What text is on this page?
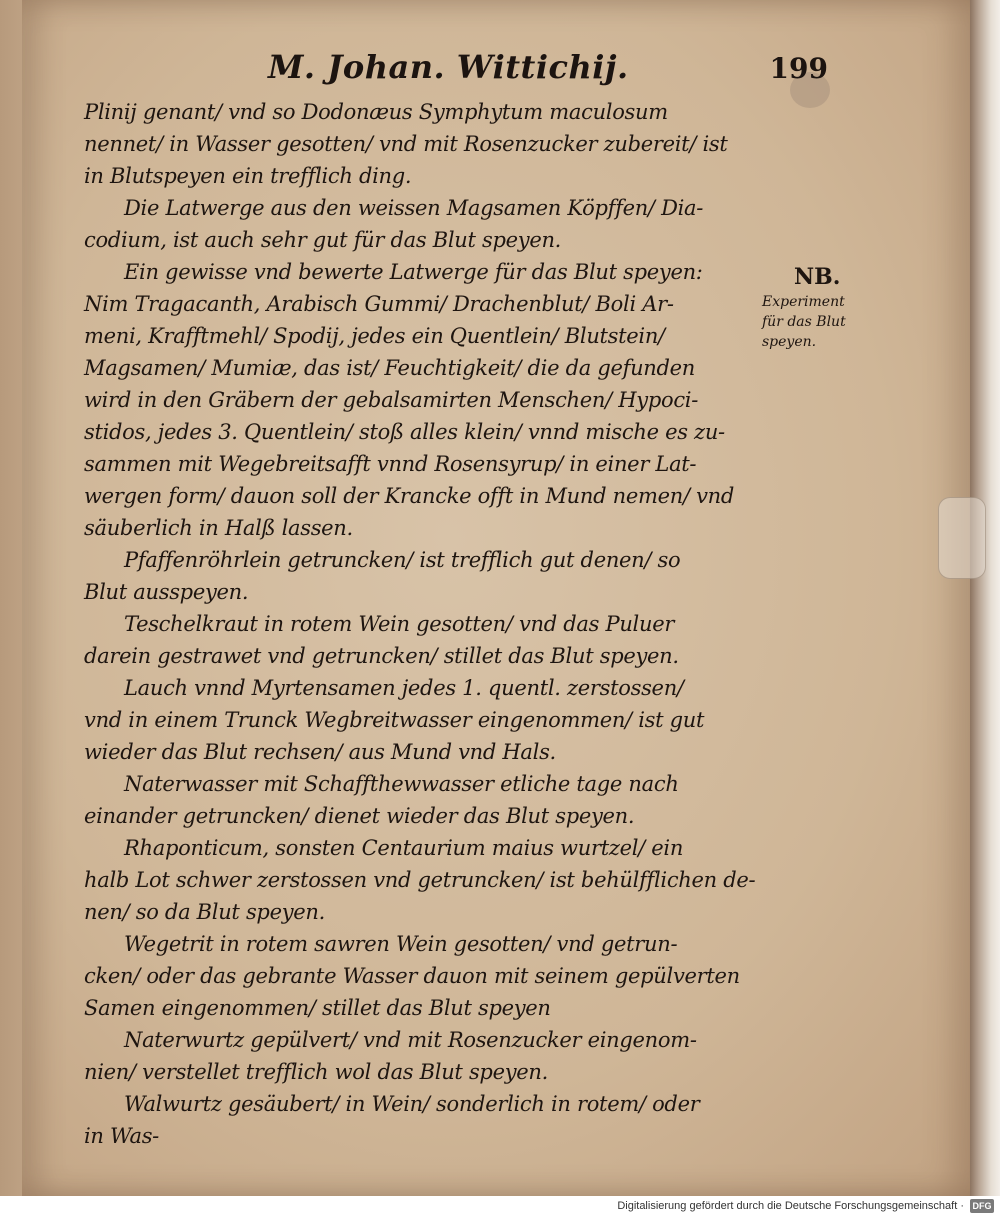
M. Johan. Wittichij.	199
Plinij genant/ vnd so Dodonæus Symphytum maculosum
nennet/ in Wasser gesotten/ vnd mit Rosenzucker zubereit/ ist
in Blutspeyen ein trefflich ding.
Die Latwerge aus den weissen Magsamen Köpffen/ Dia-
codium, ist auch sehr gut für das Blut speyen.
Ein gewisse vnd bewerte Latwerge für das Blut speyen:
Nim Tragacanth, Arabisch Gummi/ Drachenblut/ Boli Ar-
meni, Krafftmehl/ Spodij, jedes ein Quentlein/ Blutstein/
Magsamen/ Mumiæ, das ist/ Feuchtigkeit/ die da gefunden
wird in den Gräbern der gebalsamirten Menschen/ Hypoci-
stidos, jedes 3. Quentlein/ stoß alles klein/ vnnd mische es zu-
sammen mit Wegebreitsafft vnnd Rosensyrup/ in einer Lat-
wergen form/ dauon soll der Krancke offt in Mund nemen/ vnd
säuberlich in Halß lassen.
Pfaffenröhrlein getruncken/ ist trefflich gut denen/ so
Blut ausspeyen.
Teschelkraut in rotem Wein gesotten/ vnd das Puluer
darein gestrawet vnd getruncken/ stillet das Blut speyen.
Lauch vnnd Myrtensamen jedes 1. quentl. zerstossen/
vnd in einem Trunck Wegbreitwasser eingenommen/ ist gut
wieder das Blut rechsen/ aus Mund vnd Hals.
Naterwasser mit Schaffthewwasser etliche tage nach
einander getruncken/ dienet wieder das Blut speyen.
Rhaponticum, sonsten Centaurium maius wurtzel/ ein
halb Lot schwer zerstossen vnd getruncken/ ist behülfflichen de-
nen/ so da Blut speyen.
Wegetrit in rotem sawren Wein gesotten/ vnd getrun-
cken/ oder das gebrante Wasser dauon mit seinem gepülverten
Samen eingenommen/ stillet das Blut speyen
Naterwurtz gepülvert/ vnd mit Rosenzucker eingenom-
nien/ verstellet trefflich wol das Blut speyen.
Walwurtz gesäubert/ in Wein/ sonderlich in rotem/ oder
in Was-
NB.
Experiment
für das Blut
speyen.
Digitalisierung gefördert durch die Deutsche Forschungsgemeinschaft · DFG
